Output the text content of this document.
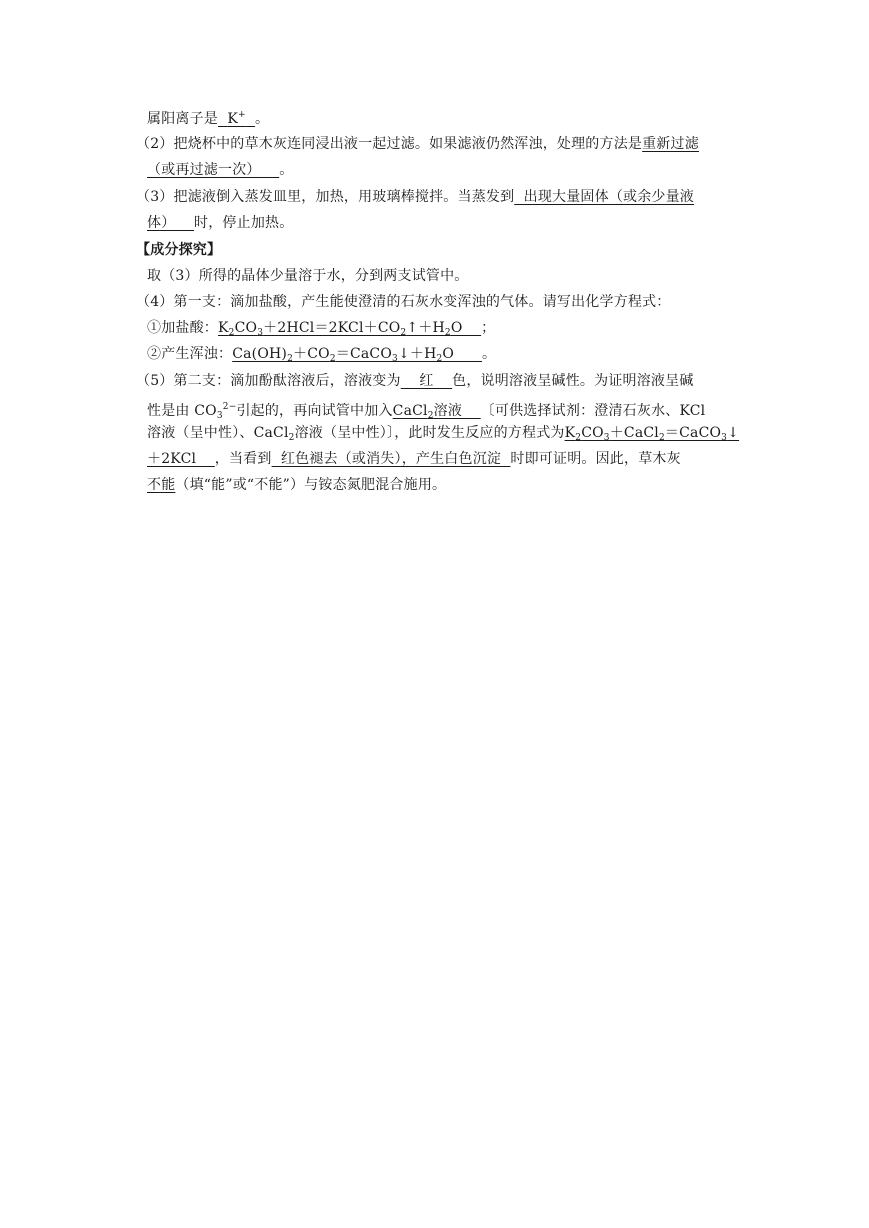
属阳离子是 K+ 。
（2）把烧杯中的草木灰连同浸出液一起过滤。如果滤液仍然浑浊，处理的方法是重新过滤
（或再过滤一次）    。
（3）把滤液倒入蒸发皿里，加热，用玻璃棒搅拌。当蒸发到  出现大量固体（或余少量液
体）    时，停止加热。
【成分探究】
取（3）所得的晶体少量溶于水，分到两支试管中。
（4）第一支：滴加盐酸，产生能使澄清的石灰水变浑浊的气体。请写出化学方程式：
①加盐酸：$K_2CO_3+2HCl=2KCl+CO_2↑+H_2O$    ；
②产生浑浊：$Ca(OH)_2+CO_2=CaCO_3↓+H_2O$      。
（5）第二支：滴加酚酞溶液后，溶液变为    红    色，说明溶液呈碱性。为证明溶液呈碱
性是由 $CO_3^{2-}$引起的，再向试管中加入CaCl$_2$溶液    〔可供选择试剂：澄清石灰水、KCl
溶液（呈中性）、CaCl$_2$溶液（呈中性）〕，此时发生反应的方程式为$K_2CO_3+CaCl_2=CaCO_3↓$
＋2KCl    ，当看到  红色褪去（或消失），产生白色沉淀  时即可证明。因此，草木灰
不能（填“能”或“不能”）与铵态氮肥混合施用。
